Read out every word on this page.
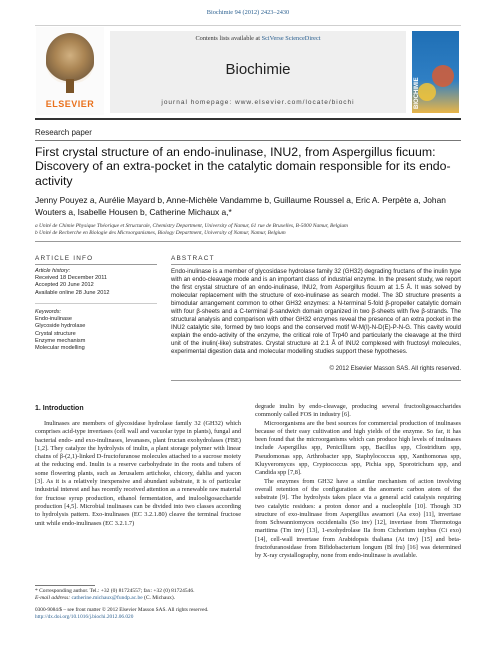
Biochimie 94 (2012) 2423–2430
ELSEVIER
Contents lists available at SciVerse ScienceDirect
Biochimie
journal homepage: www.elsevier.com/locate/biochi	BIOCHIMIE
Research paper
First crystal structure of an endo-inulinase, INU2, from Aspergillus ficuum: Discovery of an extra-pocket in the catalytic domain responsible for its endo-activity
Jenny Pouyez a, Aurélie Mayard b, Anne-Michèle Vandamme b, Guillaume Roussel a, Eric A. Perpète a, Johan Wouters a, Isabelle Housen b, Catherine Michaux a,*
a Unité de Chimie Physique Théorique et Structurale, Chemistry Department, University of Namur, 61 rue de Bruxelles, B-5000 Namur, Belgium
b Unité de Recherche en Biologie des Microorganismes, Biology Department, University of Namur, Namur, Belgium
ARTICLE INFO
Article history:
Received 18 December 2011
Accepted 20 June 2012
Available online 28 June 2012
Keywords:
Endo-inulinase
Glycoside hydrolase
Crystal structure
Enzyme mechanism
Molecular modelling
ABSTRACT
Endo-inulinase is a member of glycosidase hydrolase family 32 (GH32) degrading fructans of the inulin type with an endo-cleavage mode and is an important class of industrial enzyme. In the present study, we report the first crystal structure of an endo-inulinase, INU2, from Aspergillus ficuum at 1.5 Å. It was solved by molecular replacement with the structure of exo-inulinase as search model. The 3D structure presents a bimodular arrangement common to other GH32 enzymes: a N-terminal 5-fold β-propeller catalytic domain with four β-sheets and a C-terminal β-sandwich domain organized in two β-sheets with five β-strands. The structural analysis and comparison with other GH32 enzymes reveal the presence of an extra pocket in the INU2 catalytic site, formed by two loops and the conserved motif W-M(I)-N-D(E)-P-N-G. This cavity would explain the endo-activity of the enzyme, the critical role of Trp40 and particularly the cleavage at the third unit of the inulin(-like) substrates. Crystal structure at 2.1 Å of INU2 complexed with fructosyl molecules, experimental digestion data and molecular modelling studies support these hypotheses.
© 2012 Elsevier Masson SAS. All rights reserved.
1. Introduction

Inulinases are members of glycosidase hydrolase family 32 (GH32) which comprises acid-type invertases (cell wall and vacuolar type in plants), fungal and bacterial endo- and exo-inulinases, levanases, plant fructan exohydrolases (FBE) [1,2]. They catalyze the hydrolysis of inulin, a plant storage polymer with linear chains of β-(2,1)-linked D-fructofuranose molecules attached to a sucrose moiety at the reducing end. Inulin is a reserve carbohydrate in the roots and tubers of some flowering plants, such as Jerusalem artichoke, chicory, dahlia and yacon [3]. As it is a relatively inexpensive and abundant substrate, it is of particular industrial interest and has recently received attention as a renewable raw material for fructose syrup production, ethanol fermentation, and inulooligosaccharide production [4,5]. Microbial inulinases can be divided into two classes according to hydrolysis pattern. Exo-inulinases (EC 3.2.1.80) cleave the terminal fructose unit while endo-inulinases (EC 3.2.1.7)

degrade inulin by endo-cleavage, producing several fructooligosaccharides commonly called FOS in industry [6].

Microorganisms are the best sources for commercial production of inulinases because of their easy cultivation and high yields of the enzyme. So far, it has been found that the microorganisms which can produce high levels of inulinases include Aspergillus spp, Penicillium spp, Bacillus spp, Clostridium spp, Pseudomonas spp, Arthrobacter spp, Staphylococcus spp, Xanthomonas spp, Kluyveromyces spp, Cryptococcus spp, Pichia spp, Sporotrichum spp, and Candida spp [7,8].

The enzymes from GH32 have a similar mechanism of action involving overall retention of the configuration at the anomeric carbon atom of the substrate [9]. The hydrolysis takes place via a general acid catalysis requiring two catalytic residues: a proton donor and a nucleophile [10]. Though 3D structure of exo-inulinase from Aspergillus awamori (Aa exo) [11], invertase from Schwanniomyces occidentalis (So inv) [12], invertase from Thermotoga maritima (Tm inv) [13], 1-exohydrolase IIa from Cichorium intybus (Ci exo) [14], cell-wall invertase from Arabidopsis thaliana (At inv) [15] and beta-fructofuranosidase from Bifidobacterium longum (Bl fru) [16] was determined by X-ray crystallography, none from endo-inulinase is available.

* Corresponding author. Tel.: +32 (0) 81724557; fax: +32 (0) 81724546.
E-mail address: catherine.michaux@fundp.ac.be (C. Michaux).
0300-9084/$ – see front matter © 2012 Elsevier Masson SAS. All rights reserved.
http://dx.doi.org/10.1016/j.biochi.2012.06.020
